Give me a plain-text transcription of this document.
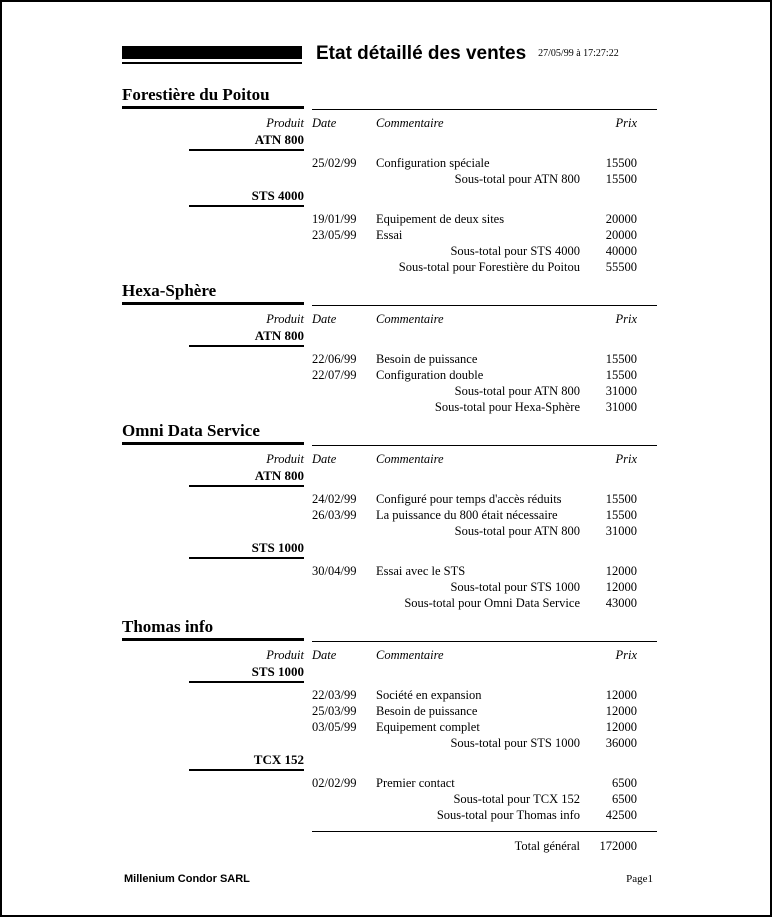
Etat détaillé des ventes 27/05/99 à 17:27:22
Forestière du Poitou
Produit Date	Commentaire	Prix
ATN 800
25/02/99	Configuration spéciale	15500
Sous-total pour ATN 800	15500
STS 4000
19/01/99	Equipement de deux sites	20000
23/05/99	Essai	20000
Sous-total pour STS 4000	40000
Sous-total pour Forestière du Poitou	55500
Hexa-Sphère
Produit Date	Commentaire	Prix
ATN 800
22/06/99	Besoin de puissance	15500
22/07/99	Configuration double	15500
Sous-total pour ATN 800	31000
Sous-total pour Hexa-Sphère	31000
Omni Data Service
Produit Date	Commentaire	Prix
ATN 800
24/02/99	Configuré pour temps d'accès réduits	15500
26/03/99	La puissance du 800 était nécessaire	15500
Sous-total pour ATN 800	31000
STS 1000
30/04/99	Essai avec le STS	12000
Sous-total pour STS 1000	12000
Sous-total pour Omni Data Service	43000
Thomas info
Produit Date	Commentaire	Prix
STS 1000
22/03/99	Société en expansion	12000
25/03/99	Besoin de puissance	12000
03/05/99	Equipement complet	12000
Sous-total pour STS 1000	36000
TCX 152
02/02/99	Premier contact	6500
Sous-total pour TCX 152	6500
Sous-total pour Thomas info	42500
Total général	172000
Millenium Condor SARL	Page1
